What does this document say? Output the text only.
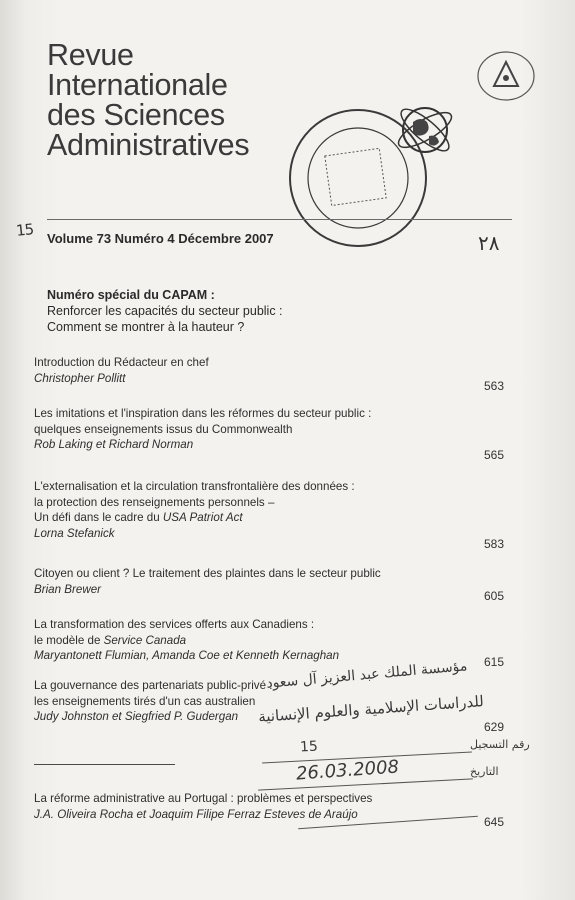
Revue
Internationale
des Sciences
Administratives
15 Volume 73 Numéro 4 Décembre 2007	٢٨
Numéro spécial du CAPAM :
Renforcer les capacités du secteur public :
Comment se montrer à la hauteur ?
Introduction du Rédacteur en chef
Christopher Pollitt
563
Les imitations et l'inspiration dans les réformes du secteur public :
quelques enseignements issus du Commonwealth
Rob Laking et Richard Norman
565
L'externalisation et la circulation transfrontalière des données :
la protection des renseignements personnels –
Un défi dans le cadre du USA Patriot Act
Lorna Stefanick
583
Citoyen ou client ? Le traitement des plaintes dans le secteur public
Brian Brewer	605
La transformation des services offerts aux Canadiens :
le modèle de Service Canada
Maryantonett Flumian, Amanda Coe et Kenneth Kernaghan	615
La gouvernance des partenariats public-privé :
les enseignements tirés d'un cas australien
Judy Johnston et Siegfried P. Gudergan
629
La réforme administrative au Portugal : problèmes et perspectives
J.A. Oliveira Rocha et Joaquim Filipe Ferraz Esteves de Araújo
645
مؤسسة الملك عبد العزيز آل سعود
للدراسات الإسلامية والعلوم الإنسانية
رقم التسجيل
15
التاريخ
26.03.2008
